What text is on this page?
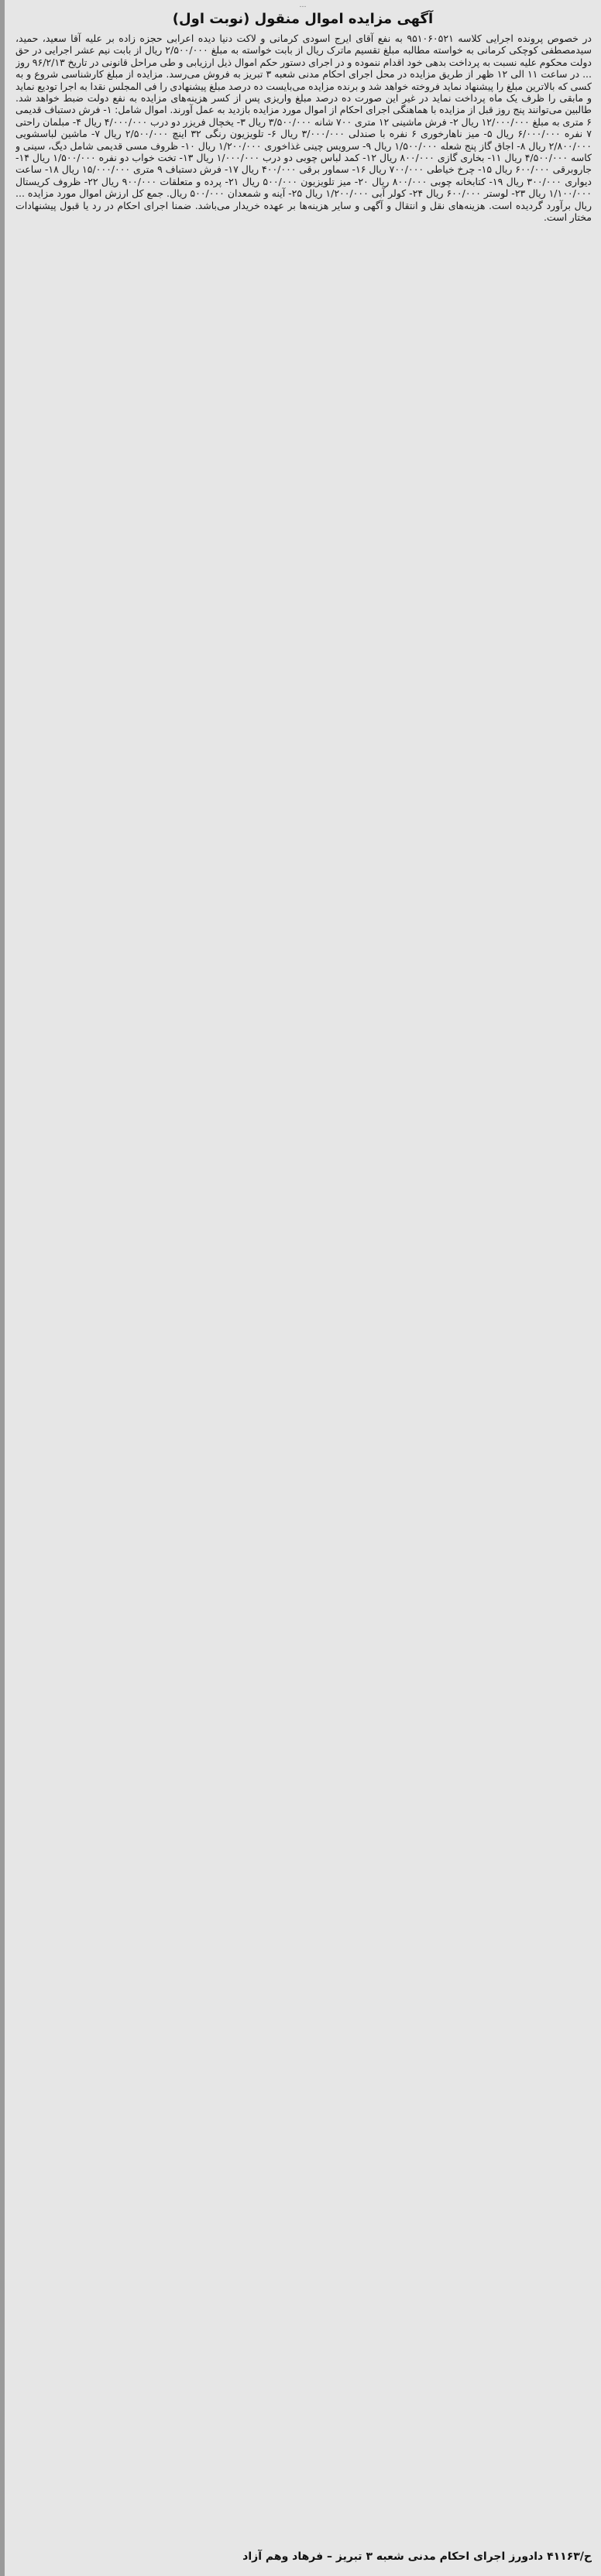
…
آگهی مزایده اموال منقول (نوبت اول)
در خصوص پرونده اجرایی کلاسه ۹۵۱۰۶۰۵۲۱ به نفع آقای ایرج اسودی کرمانی و لاکت دنیا دیده اعرابی حجزه زاده بر علیه آقا سعید، حمید، سیدمصطفی کوچکی کرمانی به خواسته مطالبه مبلغ تقسیم ماترک ریال از بابت خواسته به مبلغ ۲/۵۰۰/۰۰۰ ریال از بابت نیم عشر اجرایی در حق دولت محکوم علیه نسبت به پرداخت بدهی خود اقدام ننموده و در اجرای دستور حکم اموال ذیل ارزیابی و طی مراحل قانونی در تاریخ ۹۶/۲/۱۳ روز ... در ساعت ۱۱ الی ۱۲ ظهر از طریق مزایده در محل اجرای احکام مدنی شعبه ۳ تبریز به فروش می‌رسد. مزایده از مبلغ کارشناسی شروع و به کسی که بالاترین مبلغ را پیشنهاد نماید فروخته خواهد شد و برنده مزایده می‌بایست ده درصد مبلغ پیشنهادی را فی المجلس نقدا به اجرا تودیع نماید و مابقی را ظرف یک ماه پرداخت نماید در غیر این صورت ده درصد مبلغ واریزی پس از کسر هزینه‌های مزایده به نفع دولت ضبط خواهد شد. طالبین می‌توانند پنج روز قبل از مزایده با هماهنگی اجرای احکام از اموال مورد مزایده بازدید به عمل آورند. اموال شامل: ۱- فرش دستباف قدیمی ۶ متری به مبلغ ۱۲/۰۰۰/۰۰۰ ریال ۲- فرش ماشینی ۱۲ متری ۷۰۰ شانه ۳/۵۰۰/۰۰۰ ریال ۳- یخچال فریزر دو درب ۴/۰۰۰/۰۰۰ ریال ۴- مبلمان راحتی ۷ نفره ۶/۰۰۰/۰۰۰ ریال ۵- میز ناهارخوری ۶ نفره با صندلی ۳/۰۰۰/۰۰۰ ریال ۶- تلویزیون رنگی ۳۲ اینچ ۲/۵۰۰/۰۰۰ ریال ۷- ماشین لباسشویی ۲/۸۰۰/۰۰۰ ریال ۸- اجاق گاز پنج شعله ۱/۵۰۰/۰۰۰ ریال ۹- سرویس چینی غذاخوری ۱/۲۰۰/۰۰۰ ریال ۱۰- ظروف مسی قدیمی شامل دیگ، سینی و کاسه ۴/۵۰۰/۰۰۰ ریال ۱۱- بخاری گازی ۸۰۰/۰۰۰ ریال ۱۲- کمد لباس چوبی دو درب ۱/۰۰۰/۰۰۰ ریال ۱۳- تخت خواب دو نفره ۱/۵۰۰/۰۰۰ ریال ۱۴- جاروبرقی ۶۰۰/۰۰۰ ریال ۱۵- چرخ خیاطی ۷۰۰/۰۰۰ ریال ۱۶- سماور برقی ۴۰۰/۰۰۰ ریال ۱۷- فرش دستباف ۹ متری ۱۵/۰۰۰/۰۰۰ ریال ۱۸- ساعت دیواری ۳۰۰/۰۰۰ ریال ۱۹- کتابخانه چوبی ۸۰۰/۰۰۰ ریال ۲۰- میز تلویزیون ۵۰۰/۰۰۰ ریال ۲۱- پرده و متعلقات ۹۰۰/۰۰۰ ریال ۲۲- ظروف کریستال ۱/۱۰۰/۰۰۰ ریال ۲۳- لوستر ۶۰۰/۰۰۰ ریال ۲۴- کولر آبی ۱/۲۰۰/۰۰۰ ریال ۲۵- آینه و شمعدان ۵۰۰/۰۰۰ ریال. جمع کل ارزش اموال مورد مزایده ... ریال برآورد گردیده است. هزینه‌های نقل و انتقال و آگهی و سایر هزینه‌ها بر عهده خریدار می‌باشد. ضمنا اجرای احکام در رد یا قبول پیشنهادات مختار است.
ح/۴۱۱۶۳ دادورز اجرای احکام مدنی شعبه ۳ تبریز – فرهاد وهم آزاد
